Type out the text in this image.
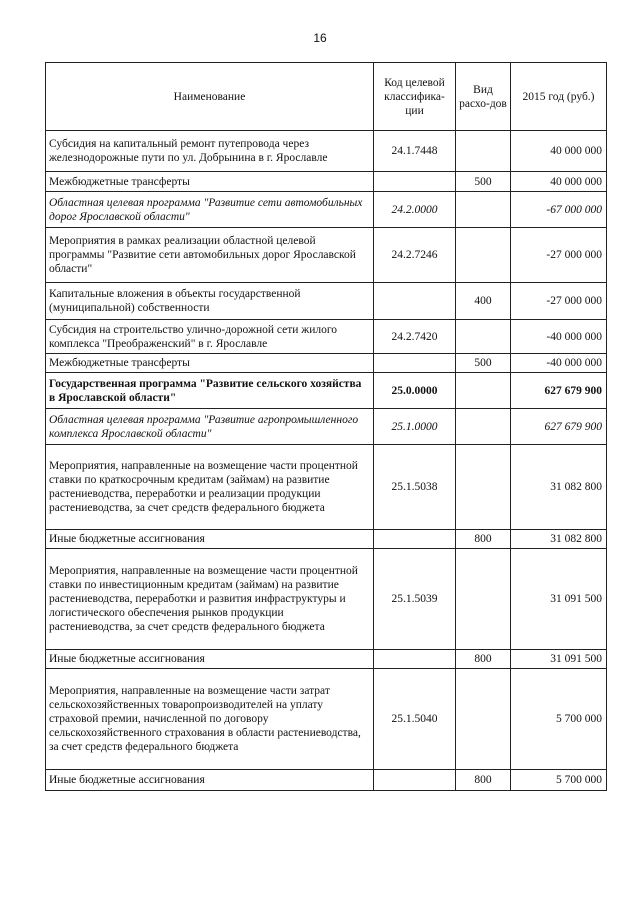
16
Наименование	Код целевой классифика-ции	Вид расхо-дов	2015 год (руб.)
Субсидия на капитальный ремонт путепровода через железнодорожные пути по ул. Добрынина в г. Ярославле	24.1.7448		40 000 000
Межбюджетные трансферты		500	40 000 000
Областная целевая программа "Развитие сети автомобильных дорог Ярославской области"	24.2.0000		-67 000 000
Мероприятия в рамках реализации областной целевой программы "Развитие сети автомобильных дорог Ярославской области"	24.2.7246		-27 000 000
Капитальные вложения в объекты государственной (муниципальной) собственности		400	-27 000 000
Субсидия на строительство улично-дорожной сети жилого комплекса "Преображенский" в г. Ярославле	24.2.7420		-40 000 000
Межбюджетные трансферты		500	-40 000 000
Государственная программа "Развитие сельского хозяйства в Ярославской области"	25.0.0000		627 679 900
Областная целевая программа "Развитие агропромышленного комплекса Ярославской области"	25.1.0000		627 679 900
Мероприятия, направленные на возмещение части процентной ставки по краткосрочным кредитам (займам) на развитие растениеводства, переработки и реализации продукции растениеводства, за счет средств федерального бюджета	25.1.5038		31 082 800
Иные бюджетные ассигнования		800	31 082 800
Мероприятия, направленные на возмещение части процентной ставки по инвестиционным кредитам (займам) на развитие растениеводства, переработки и развития инфраструктуры и логистического обеспечения рынков продукции растениеводства, за счет средств федерального бюджета	25.1.5039		31 091 500
Иные бюджетные ассигнования		800	31 091 500
Мероприятия, направленные на возмещение части затрат сельскохозяйственных товаропроизводителей на уплату страховой премии, начисленной по договору сельскохозяйственного страхования в области растениеводства, за счет средств федерального бюджета	25.1.5040		5 700 000
Иные бюджетные ассигнования		800	5 700 000
